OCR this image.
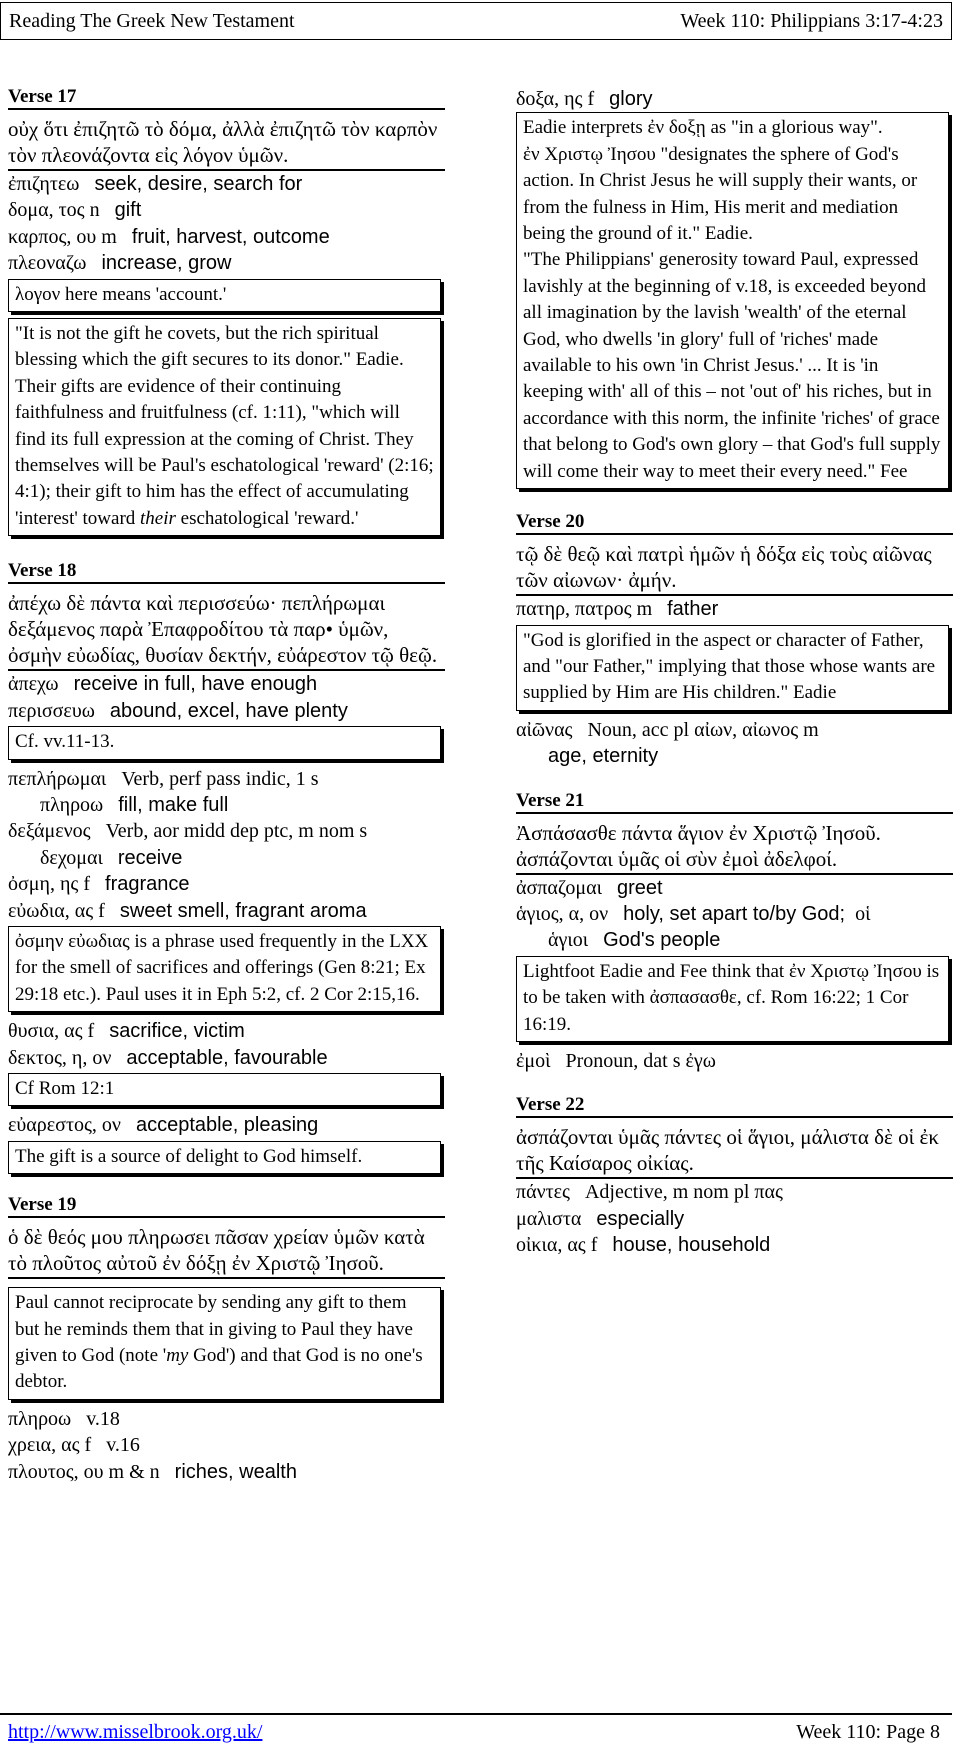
Reading The Greek New Testament	Week 110: Philippians 3:17-4:23
Verse 17

οὐχ ὅτι ἐπιζητῶ τὸ δόμα, ἀλλὰ ἐπιζητῶ τὸν καρπὸν τὸν πλεονάζοντα εἰς λόγον ὑμῶν.

ἐπιζητεω seek, desire, search for

δομα, τος n gift

καρπος, ου m fruit, harvest, outcome

πλεοναζω increase, grow

λογον here means 'account.'
"It is not the gift he covets, but the rich spiritual blessing which the gift secures to its donor." Eadie. Their gifts are evidence of their continuing faithfulness and fruitfulness (cf. 1:11), "which will find its full expression at the coming of Christ. They themselves will be Paul's eschatological 'reward' (2:16; 4:1); their gift to him has the effect of accumulating 'interest' toward their eschatological 'reward.'
Verse 18

ἀπέχω δὲ πάντα καὶ περισσεύω· πεπλήρωμαι δεξάμενος παρὰ Ἐπαφροδίτου τὰ παρ• ὑμῶν, ὀσμὴν εὐωδίας, θυσίαν δεκτήν, εὐάρεστον τῷ θεῷ.

ἀπεχω receive in full, have enough

περισσευω abound, excel, have plenty

Cf. vv.11-13.

πεπλήρωμαι Verb, perf pass indic, 1 s

πληροω fill, make full

δεξάμενος Verb, aor midd dep ptc, m nom s

δεχομαι receive

ὀσμη, ης f fragrance

εὐωδια, ας f sweet smell, fragrant aroma

ὀσμην εὐωδιας is a phrase used frequently in the LXX for the smell of sacrifices and offerings (Gen 8:21; Ex 29:18 etc.). Paul uses it in Eph 5:2, cf. 2 Cor 2:15,16.

θυσια, ας f sacrifice, victim

δεκτος, η, ον acceptable, favourable

Cf Rom 12:1

εὐαρεστος, ον acceptable, pleasing

The gift is a source of delight to God himself.
Verse 19

ὁ δὲ θεός μου πληρωσει πᾶσαν χρείαν ὑμῶν κατὰ τὸ πλοῦτος αὐτοῦ ἐν δόξῃ ἐν Χριστῷ Ἰησοῦ.

Paul cannot reciprocate by sending any gift to them but he reminds them that in giving to Paul they have given to God (note 'my God') and that God is no one's debtor.

πληροω v.18

χρεια, ας f v.16

πλουτος, ου m & n riches, wealth

δοξα, ης f glory

Eadie interprets ἐν δοξῃ as "in a glorious way".
ἐν Χριστῳ Ἰησου "designates the sphere of God's action. In Christ Jesus he will supply their wants, or from the fulness in Him, His merit and mediation being the ground of it." Eadie.
"The Philippians' generosity toward Paul, expressed lavishly at the beginning of v.18, is exceeded beyond all imagination by the lavish 'wealth' of the eternal God, who dwells 'in glory' full of 'riches' made available to his own 'in Christ Jesus.' ... It is 'in keeping with' all of this – not 'out of' his riches, but in accordance with this norm, the infinite 'riches' of grace that belong to God's own glory – that God's full supply will come their way to meet their every need." Fee
Verse 20

τῷ δὲ θεῷ καὶ πατρὶ ἡμῶν ἡ δόξα εἰς τοὺς αἰῶνας τῶν αἰωνων· ἀμήν.

πατηρ, πατρος m father

"God is glorified in the aspect or character of Father, and "our Father," implying that those whose wants are supplied by Him are His children." Eadie

αἰῶνας Noun, acc pl αἰων, αἰωνος m

age, eternity

Verse 21

Ἀσπάσασθε πάντα ἅγιον ἐν Χριστῷ Ἰησοῦ. ἀσπάζονται ὑμᾶς οἱ σὺν ἐμοὶ ἀδελφοί.

ἀσπαζομαι greet

ἁγιος, α, ον holy, set apart to/by God; οἱ

ἁγιοι God's people

Lightfoot Eadie and Fee think that ἐν Χριστῳ Ἰησου is to be taken with ἀσπασασθε, cf. Rom 16:22; 1 Cor 16:19.

ἐμοὶ Pronoun, dat s ἐγω

Verse 22

ἀσπάζονται ὑμᾶς πάντες οἱ ἅγιοι, μάλιστα δὲ οἱ ἐκ τῆς Καίσαρος οἰκίας.

πάντες Adjective, m nom pl πας

μαλιστα especially

οἰκια, ας f house, household

http://www.misselbrook.org.uk/	Week 110: Page 8
